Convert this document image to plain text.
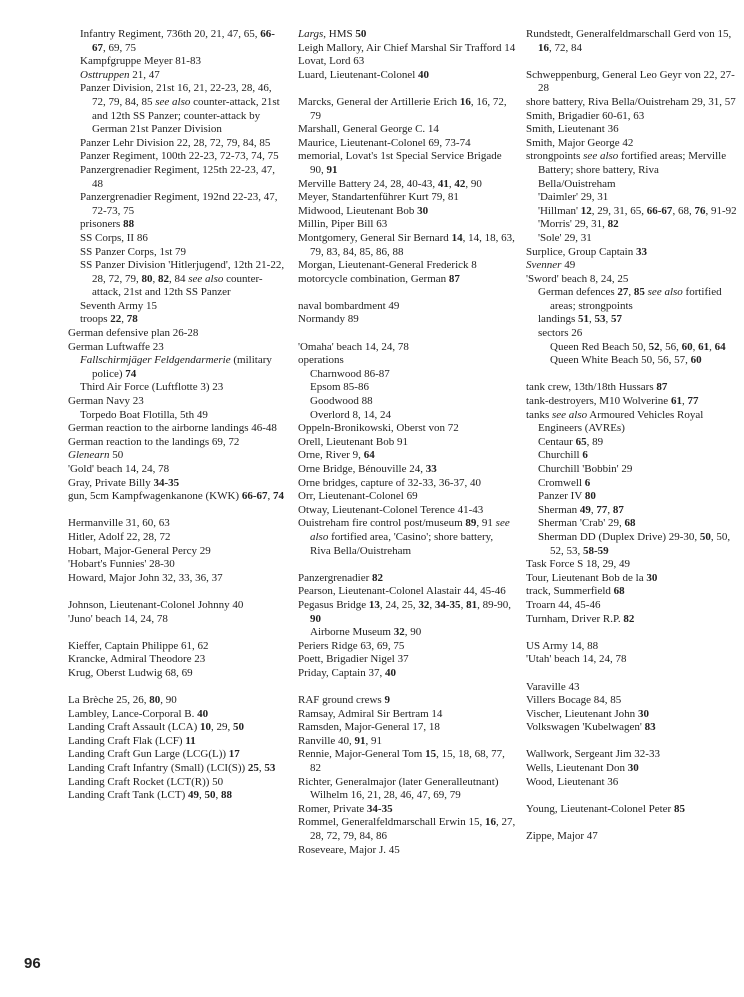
Infantry Regiment, 736th 20, 21, 47, 65, 66-67, 69, 75
Kampfgruppe Meyer 81-83
Osttruppen 21, 47
Panzer Division, 21st 16, 21, 22-23, 28, 46, 72, 79, 84, 85 see also counter-attack, 21st and 12th SS Panzer; counter-attack by German 21st Panzer Division
Panzer Lehr Division 22, 28, 72, 79, 84, 85
Panzer Regiment, 100th 22-23, 72-73, 74, 75
Panzergrenadier Regiment, 125th 22-23, 47, 48
Panzergrenadier Regiment, 192nd 22-23, 47, 72-73, 75
prisoners 88
SS Corps, II 86
SS Panzer Corps, 1st 79
SS Panzer Division 'Hitlerjugend', 12th 21-22, 28, 72, 79, 80, 82, 84 see also counter-attack, 21st and 12th SS Panzer
Seventh Army 15
troops 22, 78
German defensive plan 26-28
German Luftwaffe 23
Fallschirmjäger Feldgendarmerie (military police) 74
Third Air Force (Luftflotte 3) 23
German Navy 23
Torpedo Boat Flotilla, 5th 49
German reaction to the airborne landings 46-48
German reaction to the landings 69, 72
Glenearn 50
'Gold' beach 14, 24, 78
Gray, Private Billy 34-35
gun, 5cm Kampfwagenkanone (KWK) 66-67, 74
Hermanville 31, 60, 63
Hitler, Adolf 22, 28, 72
Hobart, Major-General Percy 29
'Hobart's Funnies' 28-30
Howard, Major John 32, 33, 36, 37
Johnson, Lieutenant-Colonel Johnny 40
'Juno' beach 14, 24, 78
Kieffer, Captain Philippe 61, 62
Krancke, Admiral Theodore 23
Krug, Oberst Ludwig 68, 69
La Brèche 25, 26, 80, 90
Lambley, Lance-Corporal B. 40
Landing Craft Assault (LCA) 10, 29, 50
Landing Craft Flak (LCF) 11
Landing Craft Gun Large (LCG(L)) 17
Landing Craft Infantry (Small) (LCI(S)) 25, 53
Landing Craft Rocket (LCT(R)) 50
Landing Craft Tank (LCT) 49, 50, 88
Largs, HMS 50
Leigh Mallory, Air Chief Marshal Sir Trafford 14
Lovat, Lord 63
Luard, Lieutenant-Colonel 40
Marcks, General der Artillerie Erich 16, 16, 72, 79
Marshall, General George C. 14
Maurice, Lieutenant-Colonel 69, 73-74
memorial, Lovat's 1st Special Service Brigade 90, 91
Merville Battery 24, 28, 40-43, 41, 42, 90
Meyer, Standartenführer Kurt 79, 81
Midwood, Lieutenant Bob 30
Millin, Piper Bill 63
Montgomery, General Sir Bernard 14, 14, 18, 63, 79, 83, 84, 85, 86, 88
Morgan, Lieutenant-General Frederick 8
motorcycle combination, German 87
naval bombardment 49
Normandy 89
'Omaha' beach 14, 24, 78
operations
Charnwood 86-87
Epsom 85-86
Goodwood 88
Overlord 8, 14, 24
Oppeln-Bronikowski, Oberst von 72
Orell, Lieutenant Bob 91
Orne, River 9, 64
Orne Bridge, Bénouville 24, 33
Orne bridges, capture of 32-33, 36-37, 40
Orr, Lieutenant-Colonel 69
Otway, Lieutenant-Colonel Terence 41-43
Ouistreham fire control post/museum 89, 91 see also fortified area, 'Casino'; shore battery, Riva Bella/Ouistreham
Panzergrenadier 82
Pearson, Lieutenant-Colonel Alastair 44, 45-46
Pegasus Bridge 13, 24, 25, 32, 34-35, 81, 89-90, 90
Airborne Museum 32, 90
Periers Ridge 63, 69, 75
Poett, Brigadier Nigel 37
Priday, Captain 37, 40
RAF ground crews 9
Ramsay, Admiral Sir Bertram 14
Ramsden, Major-General 17, 18
Ranville 40, 91, 91
Rennie, Major-General Tom 15, 15, 18, 68, 77, 82
Richter, Generalmajor (later Generalleutnant) Wilhelm 16, 21, 28, 46, 47, 69, 79
Romer, Private 34-35
Rommel, Generalfeldmarschall Erwin 15, 16, 27, 28, 72, 79, 84, 86
Roseveare, Major J. 45
Rundstedt, Generalfeldmarschall Gerd von 15, 16, 72, 84
Schweppenburg, General Leo Geyr von 22, 27-28
shore battery, Riva Bella/Ouistreham 29, 31, 57
Smith, Brigadier 60-61, 63
Smith, Lieutenant 36
Smith, Major George 42
strongpoints see also fortified areas; Merville Battery; shore battery, Riva Bella/Ouistreham
'Daimler' 29, 31
'Hillman' 12, 29, 31, 65, 66-67, 68, 76, 91-92
'Morris' 29, 31, 82
'Sole' 29, 31
Surplice, Group Captain 33
Svenner 49
'Sword' beach 8, 24, 25
German defences 27, 85 see also fortified areas; strongpoints
landings 51, 53, 57
sectors 26
Queen Red Beach 50, 52, 56, 60, 61, 64
Queen White Beach 50, 56, 57, 60
tank crew, 13th/18th Hussars 87
tank-destroyers, M10 Wolverine 61, 77
tanks see also Armoured Vehicles Royal Engineers (AVREs)
Centaur 65, 89
Churchill 6
Churchill 'Bobbin' 29
Cromwell 6
Panzer IV 80
Sherman 49, 77, 87
Sherman 'Crab' 29, 68
Sherman DD (Duplex Drive) 29-30, 50, 50, 52, 53, 58-59
Task Force S 18, 29, 49
Tour, Lieutenant Bob de la 30
track, Summerfield 68
Troarn 44, 45-46
Turnham, Driver R.P. 82
US Army 14, 88
'Utah' beach 14, 24, 78
Varaville 43
Villers Bocage 84, 85
Vischer, Lieutenant John 30
Volkswagen 'Kubelwagen' 83
Wallwork, Sergeant Jim 32-33
Wells, Lieutenant Don 30
Wood, Lieutenant 36
Young, Lieutenant-Colonel Peter 85
Zippe, Major 47
96
